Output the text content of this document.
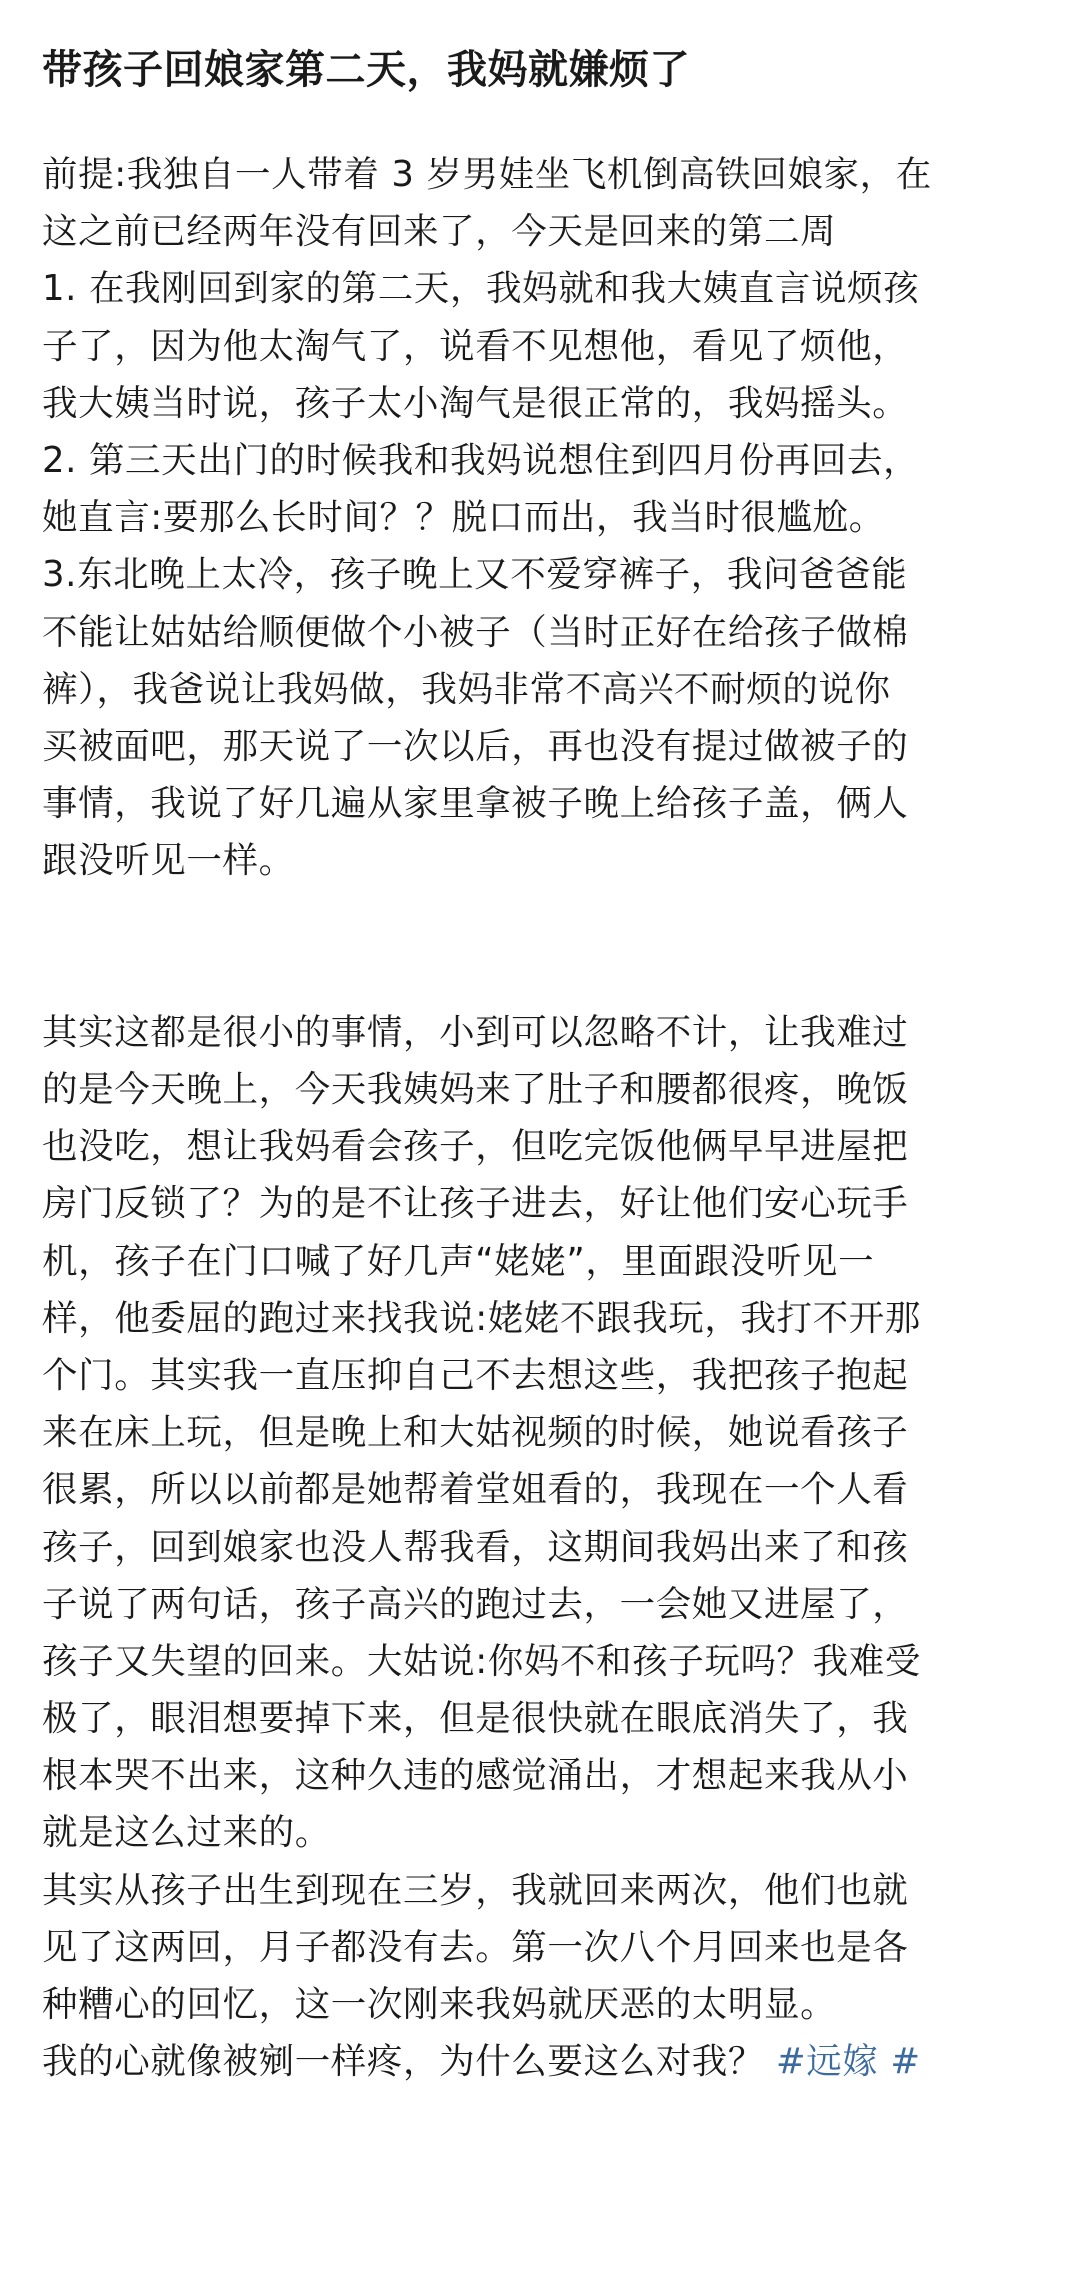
带孩子回娘家第二天，我妈就嫌烦了
前提:我独自一人带着 3 岁男娃坐飞机倒高铁回娘家，在
这之前已经两年没有回来了，今天是回来的第二周
1. 在我刚回到家的第二天，我妈就和我大姨直言说烦孩
子了，因为他太淘气了，说看不见想他，看见了烦他，
我大姨当时说，孩子太小淘气是很正常的，我妈摇头。
2. 第三天出门的时候我和我妈说想住到四月份再回去，
她直言:要那么长时间？？脱口而出，我当时很尴尬。
3.东北晚上太冷，孩子晚上又不爱穿裤子，我问爸爸能
不能让姑姑给顺便做个小被子（当时正好在给孩子做棉
裤），我爸说让我妈做，我妈非常不高兴不耐烦的说你
买被面吧，那天说了一次以后，再也没有提过做被子的
事情，我说了好几遍从家里拿被子晚上给孩子盖，俩人
跟没听见一样。
其实这都是很小的事情，小到可以忽略不计，让我难过
的是今天晚上，今天我姨妈来了肚子和腰都很疼，晚饭
也没吃，想让我妈看会孩子，但吃完饭他俩早早进屋把
房门反锁了？为的是不让孩子进去，好让他们安心玩手
机，孩子在门口喊了好几声“姥姥”，里面跟没听见一
样，他委屈的跑过来找我说:姥姥不跟我玩，我打不开那
个门。其实我一直压抑自己不去想这些，我把孩子抱起
来在床上玩，但是晚上和大姑视频的时候，她说看孩子
很累，所以以前都是她帮着堂姐看的，我现在一个人看
孩子，回到娘家也没人帮我看，这期间我妈出来了和孩
子说了两句话，孩子高兴的跑过去，一会她又进屋了，
孩子又失望的回来。大姑说:你妈不和孩子玩吗？我难受
极了，眼泪想要掉下来，但是很快就在眼底消失了，我
根本哭不出来，这种久违的感觉涌出，才想起来我从小
就是这么过来的。
其实从孩子出生到现在三岁，我就回来两次，他们也就
见了这两回，月子都没有去。第一次八个月回来也是各
种糟心的回忆，这一次刚来我妈就厌恶的太明显。
我的心就像被剜一样疼，为什么要这么对我？ #远嫁 #
